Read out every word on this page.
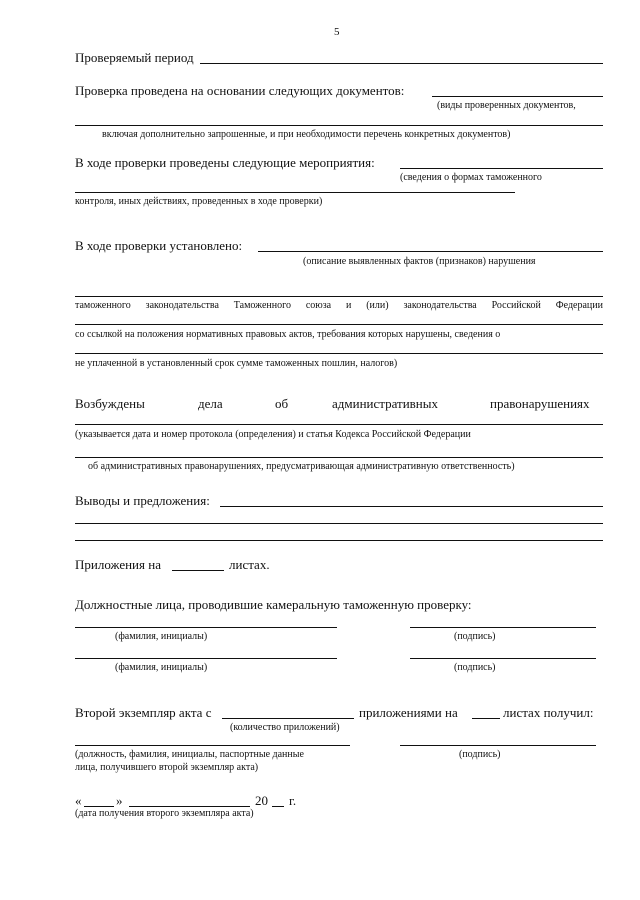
5
Проверяемый период
Проверка проведена на основании следующих документов:
(виды проверенных документов,
включая дополнительно запрошенные, и при необходимости перечень конкретных документов)
В ходе проверки проведены следующие мероприятия:
(сведения о формах таможенного
контроля, иных действиях, проведенных в ходе проверки)
В ходе проверки установлено:
(описание выявленных фактов (признаков) нарушения
таможенного законодательства Таможенного союза и (или) законодательства Российской Федерации
со ссылкой на положения нормативных правовых актов, требования которых нарушены, сведения о
не уплаченной в установленный срок сумме таможенных пошлин, налогов)
Возбуждены	дела	об	административных	правонарушениях
(указывается дата и номер протокола (определения) и статья Кодекса Российской Федерации
об административных правонарушениях, предусматривающая административную ответственность)
Выводы и предложения:
Приложения на	листах.
Должностные лица, проводившие камеральную таможенную проверку:
(фамилия, инициалы)	(подпись)
(фамилия, инициалы)	(подпись)
Второй экземпляр акта с	приложениями на	листах получил:
(количество приложений)
(должность, фамилия, инициалы, паспортные данные	(подпись)
лица, получившего второй экземпляр акта)
«	»	20 г.
(дата получения второго экземпляра акта)
